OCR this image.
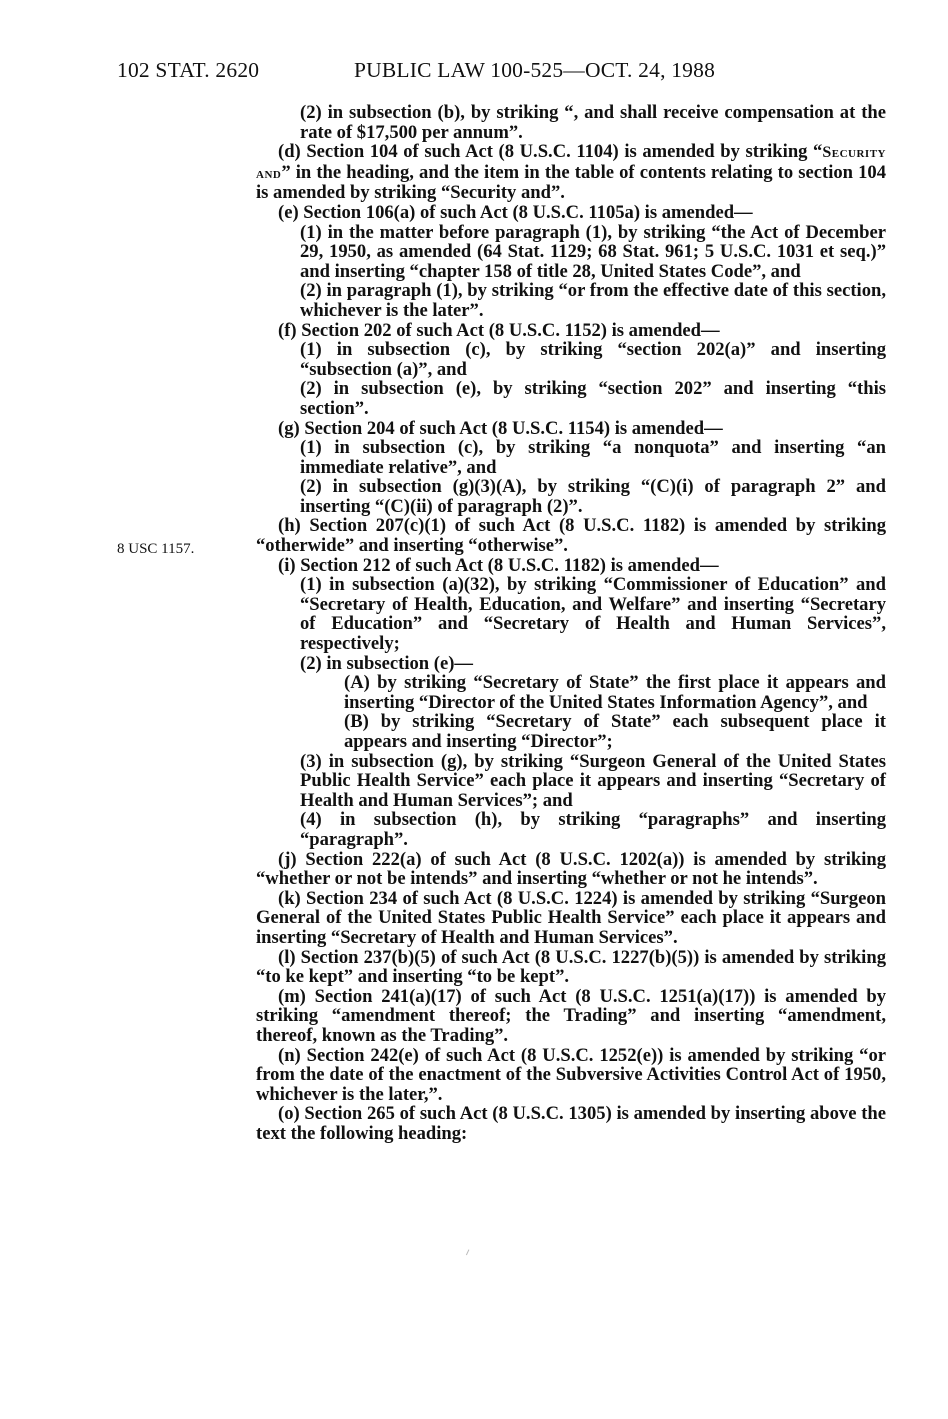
102 STAT. 2620	PUBLIC LAW 100-525—OCT. 24, 1988
8 USC 1157.

(2) in subsection (b), by striking “, and shall receive compensation at the rate of $17,500 per annum”.

(d) Section 104 of such Act (8 U.S.C. 1104) is amended by striking “Security and” in the heading, and the item in the table of contents relating to section 104 is amended by striking “Security and”.

(e) Section 106(a) of such Act (8 U.S.C. 1105a) is amended—

(1) in the matter before paragraph (1), by striking “the Act of December 29, 1950, as amended (64 Stat. 1129; 68 Stat. 961; 5 U.S.C. 1031 et seq.)” and inserting “chapter 158 of title 28, United States Code”, and

(2) in paragraph (1), by striking “or from the effective date of this section, whichever is the later”.

(f) Section 202 of such Act (8 U.S.C. 1152) is amended—

(1) in subsection (c), by striking “section 202(a)” and inserting “subsection (a)”, and

(2) in subsection (e), by striking “section 202” and inserting “this section”.

(g) Section 204 of such Act (8 U.S.C. 1154) is amended—

(1) in subsection (c), by striking “a nonquota” and inserting “an immediate relative”, and

(2) in subsection (g)(3)(A), by striking “(C)(i) of paragraph 2” and inserting “(C)(ii) of paragraph (2)”.

(h) Section 207(c)(1) of such Act (8 U.S.C. 1182) is amended by striking “otherwide” and inserting “otherwise”.

(i) Section 212 of such Act (8 U.S.C. 1182) is amended—

(1) in subsection (a)(32), by striking “Commissioner of Education” and “Secretary of Health, Education, and Welfare” and inserting “Secretary of Education” and “Secretary of Health and Human Services”, respectively;

(2) in subsection (e)—

(A) by striking “Secretary of State” the first place it appears and inserting “Director of the United States Information Agency”, and

(B) by striking “Secretary of State” each subsequent place it appears and inserting “Director”;

(3) in subsection (g), by striking “Surgeon General of the United States Public Health Service” each place it appears and inserting “Secretary of Health and Human Services”; and

(4) in subsection (h), by striking “paragraphs” and inserting “paragraph”.

(j) Section 222(a) of such Act (8 U.S.C. 1202(a)) is amended by striking “whether or not be intends” and inserting “whether or not he intends”.

(k) Section 234 of such Act (8 U.S.C. 1224) is amended by striking “Surgeon General of the United States Public Health Service” each place it appears and inserting “Secretary of Health and Human Services”.

(l) Section 237(b)(5) of such Act (8 U.S.C. 1227(b)(5)) is amended by striking “to ke kept” and inserting “to be kept”.

(m) Section 241(a)(17) of such Act (8 U.S.C. 1251(a)(17)) is amended by striking “amendment thereof; the Trading” and inserting “amendment, thereof, known as the Trading”.

(n) Section 242(e) of such Act (8 U.S.C. 1252(e)) is amended by striking “or from the date of the enactment of the Subversive Activities Control Act of 1950, whichever is the later,”.

(o) Section 265 of such Act (8 U.S.C. 1305) is amended by inserting above the text the following heading:
